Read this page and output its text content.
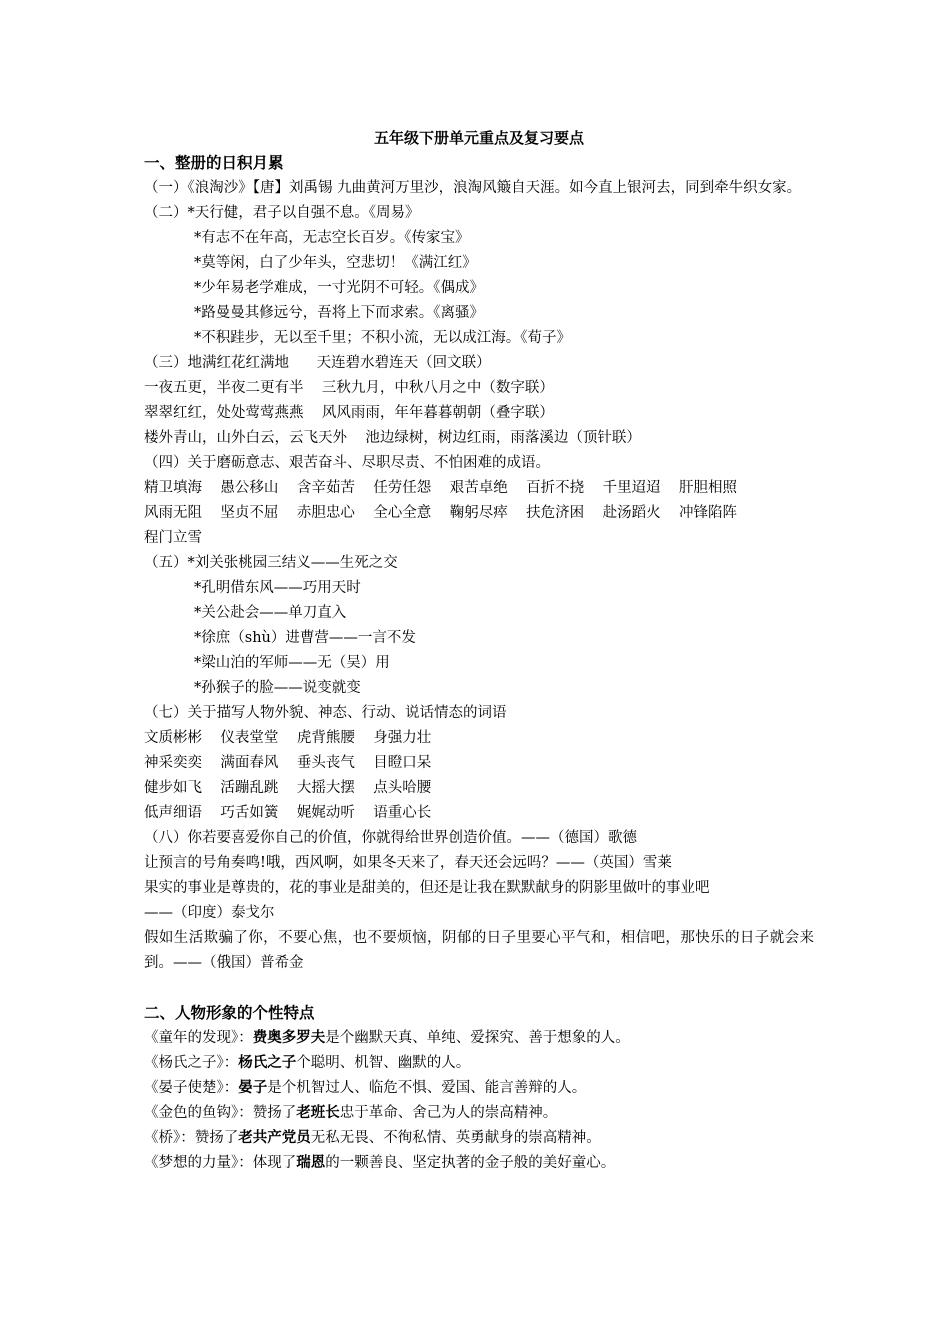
五年级下册单元重点及复习要点

一、整册的日积月累

（一）《浪淘沙》【唐】刘禹锡 九曲黄河万里沙，浪淘风簸自天涯。如今直上银河去，同到牵牛织女家。

（二）*天行健，君子以自强不息。《周易》

*有志不在年高，无志空长百岁。《传家宝》

*莫等闲，白了少年头，空悲切！《满江红》

*少年易老学难成，一寸光阴不可轻。《偶成》

*路曼曼其修远兮，吾将上下而求索。《离骚》

*不积跬步，无以至千里；不积小流，无以成江海。《荀子》

（三）地满红花红满地      天连碧水碧连天（回文联）

一夜五更，半夜二更有半    三秋九月，中秋八月之中（数字联）

翠翠红红，处处莺莺燕燕    风风雨雨，年年暮暮朝朝（叠字联）

楼外青山，山外白云，云飞天外    池边绿树，树边红雨，雨落溪边（顶针联）

（四）关于磨砺意志、艰苦奋斗、尽职尽责、不怕困难的成语。

精卫填海    愚公移山    含辛茹苦    任劳任怨    艰苦卓绝    百折不挠    千里迢迢    肝胆相照

风雨无阻    坚贞不屈    赤胆忠心    全心全意    鞠躬尽瘁    扶危济困    赴汤蹈火    冲锋陷阵

程门立雪

（五）*刘关张桃园三结义——生死之交

*孔明借东风——巧用天时

*关公赴会——单刀直入

*徐庶（shù）进曹营——一言不发

*梁山泊的军师——无（吴）用

*孙猴子的脸——说变就变

（七）关于描写人物外貌、神态、行动、说话情态的词语

文质彬彬    仪表堂堂    虎背熊腰    身强力壮

神采奕奕    满面春风    垂头丧气    目瞪口呆

健步如飞    活蹦乱跳    大摇大摆    点头哈腰

低声细语    巧舌如簧    娓娓动听    语重心长

（八）你若要喜爱你自己的价值，你就得给世界创造价值。——（德国）歌德

让预言的号角奏鸣!哦，西风啊，如果冬天来了，春天还会远吗？——（英国）雪莱

果实的事业是尊贵的，花的事业是甜美的，但还是让我在默默献身的阴影里做叶的事业吧

——（印度）泰戈尔

假如生活欺骗了你，不要心焦，也不要烦恼，阴郁的日子里要心平气和，相信吧，那快乐的日子就会来到。——（俄国）普希金

二、人物形象的个性特点

《童年的发现》：费奥多罗夫是个幽默天真、单纯、爱探究、善于想象的人。

《杨氏之子》：杨氏之子个聪明、机智、幽默的人。

《晏子使楚》：晏子是个机智过人、临危不惧、爱国、能言善辩的人。

《金色的鱼钩》：赞扬了老班长忠于革命、舍己为人的崇高精神。

《桥》：赞扬了老共产党员无私无畏、不徇私情、英勇献身的崇高精神。

《梦想的力量》：体现了瑞恩的一颗善良、坚定执著的金子般的美好童心。
